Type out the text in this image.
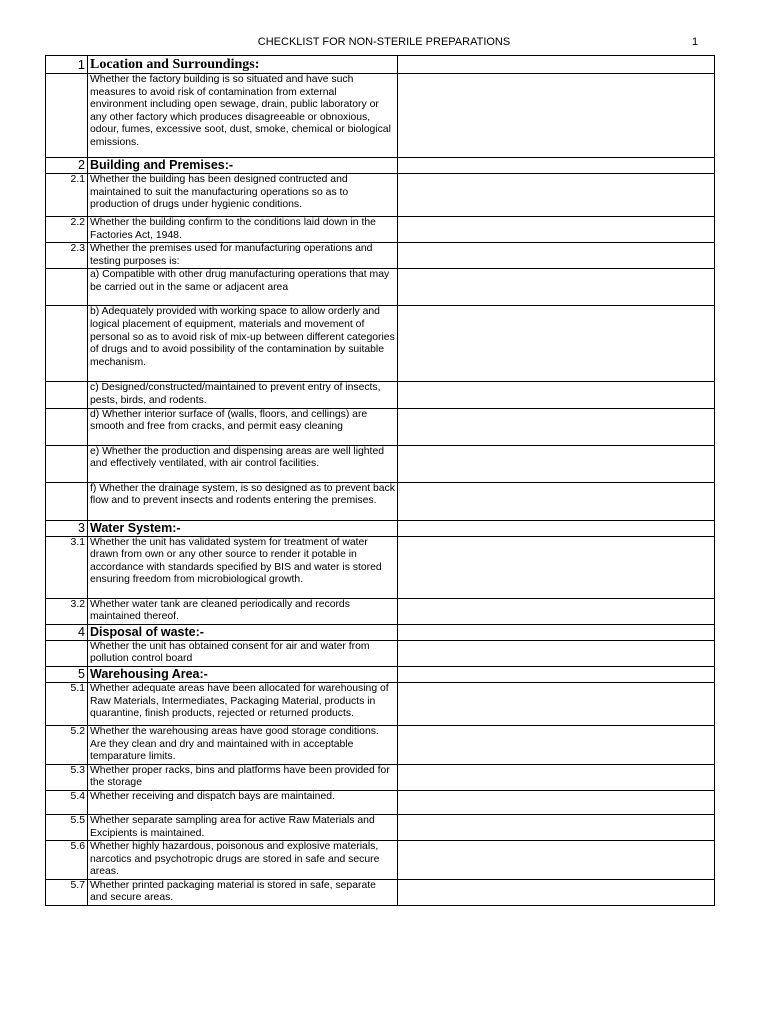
CHECKLIST FOR NON-STERILE PREPARATIONS	1
1	Location and Surroundings:	
	Whether the factory building is so situated and have such measures to avoid risk of contamination from external environment including open sewage, drain, public laboratory or any other factory which produces disagreeable or obnoxious, odour, fumes, excessive soot, dust, smoke, chemical or biological emissions.	
2	Building and Premises:-	
2.1	Whether the building has been designed contructed and maintained to suit the manufacturing operations so as to production of drugs under hygienic conditions.	
2.2	Whether the building confirm to the conditions laid down in the Factories Act, 1948.	
2.3	Whether the premises used for manufacturing operations and testing purposes is:	
	a) Compatible with other drug manufacturing operations that may be carried out in the same or adjacent area	
	b) Adequately provided with working space to allow orderly and logical placement of equipment, materials and movement of personal so as to avoid risk of mix-up between different categories of drugs and to avoid possibility of the contamination by suitable mechanism.	
	c) Designed/constructed/maintained to prevent entry of insects, pests, birds, and rodents.	
	d) Whether interior surface of (walls, floors, and cellings) are smooth and free from cracks, and permit easy cleaning	
	e) Whether the production and dispensing areas are well lighted and effectively ventilated, with air control facilities.	
	f) Whether the drainage system, is so designed as to prevent back flow and to prevent insects and rodents entering the premises.	
3	Water System:-	
3.1	Whether the unit has validated system for treatment of water drawn from own or any other source to render it potable in accordance with standards specified by BIS and water is stored ensuring freedom from microbiological growth.	
3.2	Whether water tank are cleaned periodically and records maintained thereof.	
4	Disposal of waste:-	
	Whether the unit has obtained consent for air and water from pollution control board	
5	Warehousing Area:-	
5.1	Whether adequate areas have been allocated for warehousing of Raw Materials, Intermediates, Packaging Material, products in quarantine, finish products, rejected or returned products.	
5.2	Whether the warehousing areas have good storage conditions. Are they clean and dry and maintained with in acceptable temparature limits.	
5.3	Whether proper racks, bins and platforms have been provided for the storage	
5.4	Whether receiving and dispatch bays are maintained.	
5.5	Whether separate sampling area for active Raw Materials and Excipients is maintained.	
5.6	Whether highly hazardous, poisonous and explosive materials, narcotics and psychotropic drugs are stored in safe and secure areas.	
5.7	Whether printed packaging material is stored in safe, separate and secure areas.	
